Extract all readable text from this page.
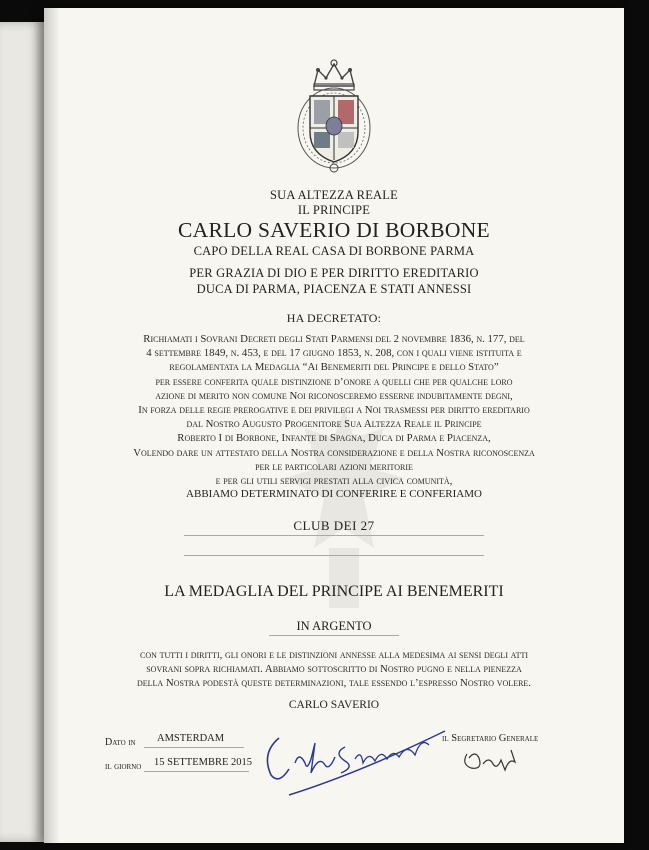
SUA ALTEZZA REALE
IL PRINCIPE
CARLO SAVERIO DI BORBONE
CAPO DELLA REAL CASA DI BORBONE PARMA
PER GRAZIA DI DIO E PER DIRITTO EREDITARIO
DUCA DI PARMA, PIACENZA E STATI ANNESSI
HA DECRETATO:
Richiamati i Sovrani Decreti degli Stati Parmensi del 2 novembre 1836, n. 177, del
4 settembre 1849, n. 453, e del 17 giugno 1853, n. 208, con i quali viene istituita e
regolamentata la Medaglia “Ai Benemeriti del Principe e dello Stato”
per essere conferita quale distinzione d’onore a quelli che per qualche loro
azione di merito non comune Noi riconosceremo esserne indubitamente degni,
In forza delle regie prerogative e dei privilegi a Noi trasmessi per diritto ereditario
dal Nostro Augusto Progenitore Sua Altezza Reale il Principe
Roberto I di Borbone, Infante di Spagna, Duca di Parma e Piacenza,
Volendo dare un attestato della Nostra considerazione e della Nostra riconoscenza
per le particolari azioni meritorie
e per gli utili servigi prestati alla civica comunità,
ABBIAMO DETERMINATO DI CONFERIRE E CONFERIAMO
CLUB DEI 27
LA MEDAGLIA DEL PRINCIPE AI BENEMERITI
IN ARGENTO
con tutti i diritti, gli onori e le distinzioni annesse alla medesima ai sensi degli atti
sovrani sopra richiamati. Abbiamo sottoscritto di Nostro pugno e nella pienezza
della Nostra podestà queste determinazioni, tale essendo l’espresso Nostro volere.
CARLO SAVERIO
Dato in AMSTERDAM
il giorno 15 SETTEMBRE 2015
il Segretario Generale
